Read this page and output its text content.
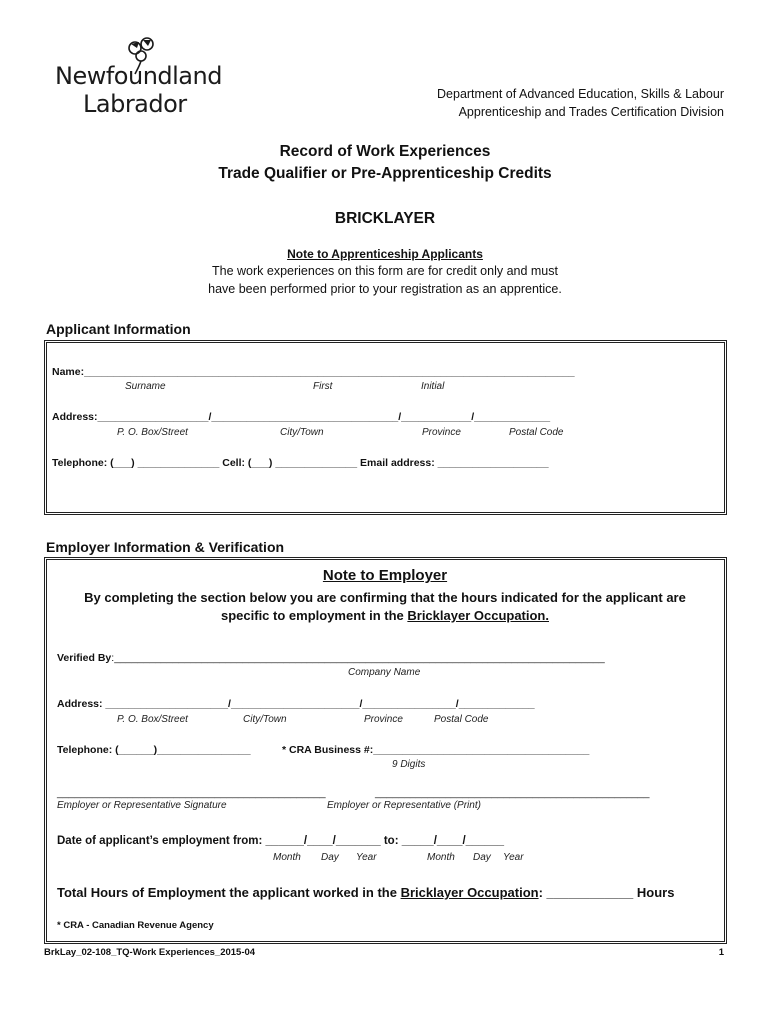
Newfoundland
Labrador	Department of Advanced Education, Skills & Labour
Apprenticeship and Trades Certification Division
Record of Work Experiences
Trade Qualifier or Pre-Apprenticeship Credits
BRICKLAYER
Note to Apprenticeship Applicants
The work experiences on this form are for credit only and must
have been performed prior to your registration as an apprentice.
Applicant Information
Name:____________________________________________________________________________________
Surname	First	Initial
Address:___________________/________________________________/____________/_____________
P. O. Box/Street	City/Town	Province	Postal Code
Telephone: (___) ______________ Cell: (___) ______________ Email address: ___________________
Employer Information & Verification
Note to Employer
By completing the section below you are confirming that the hours indicated for the applicant are
specific to employment in the Bricklayer Occupation.
Verified By:____________________________________________________________________________________
Company Name
Address: _____________________/______________________/________________/_____________
P. O. Box/Street	City/Town	Province	Postal Code
Telephone: (______)________________	* CRA Business #:_____________________________________
9 Digits
______________________________________________	_______________________________________________
Employer or Representative Signature	Employer or Representative (Print)
Date of applicant’s employment from: ______/____/_______ to: _____/____/______
Month Day Year	Month Day Year
Total Hours of Employment the applicant worked in the Bricklayer Occupation: ____________ Hours
* CRA - Canadian Revenue Agency
BrkLay_02-108_TQ-Work Experiences_2015-04	1
